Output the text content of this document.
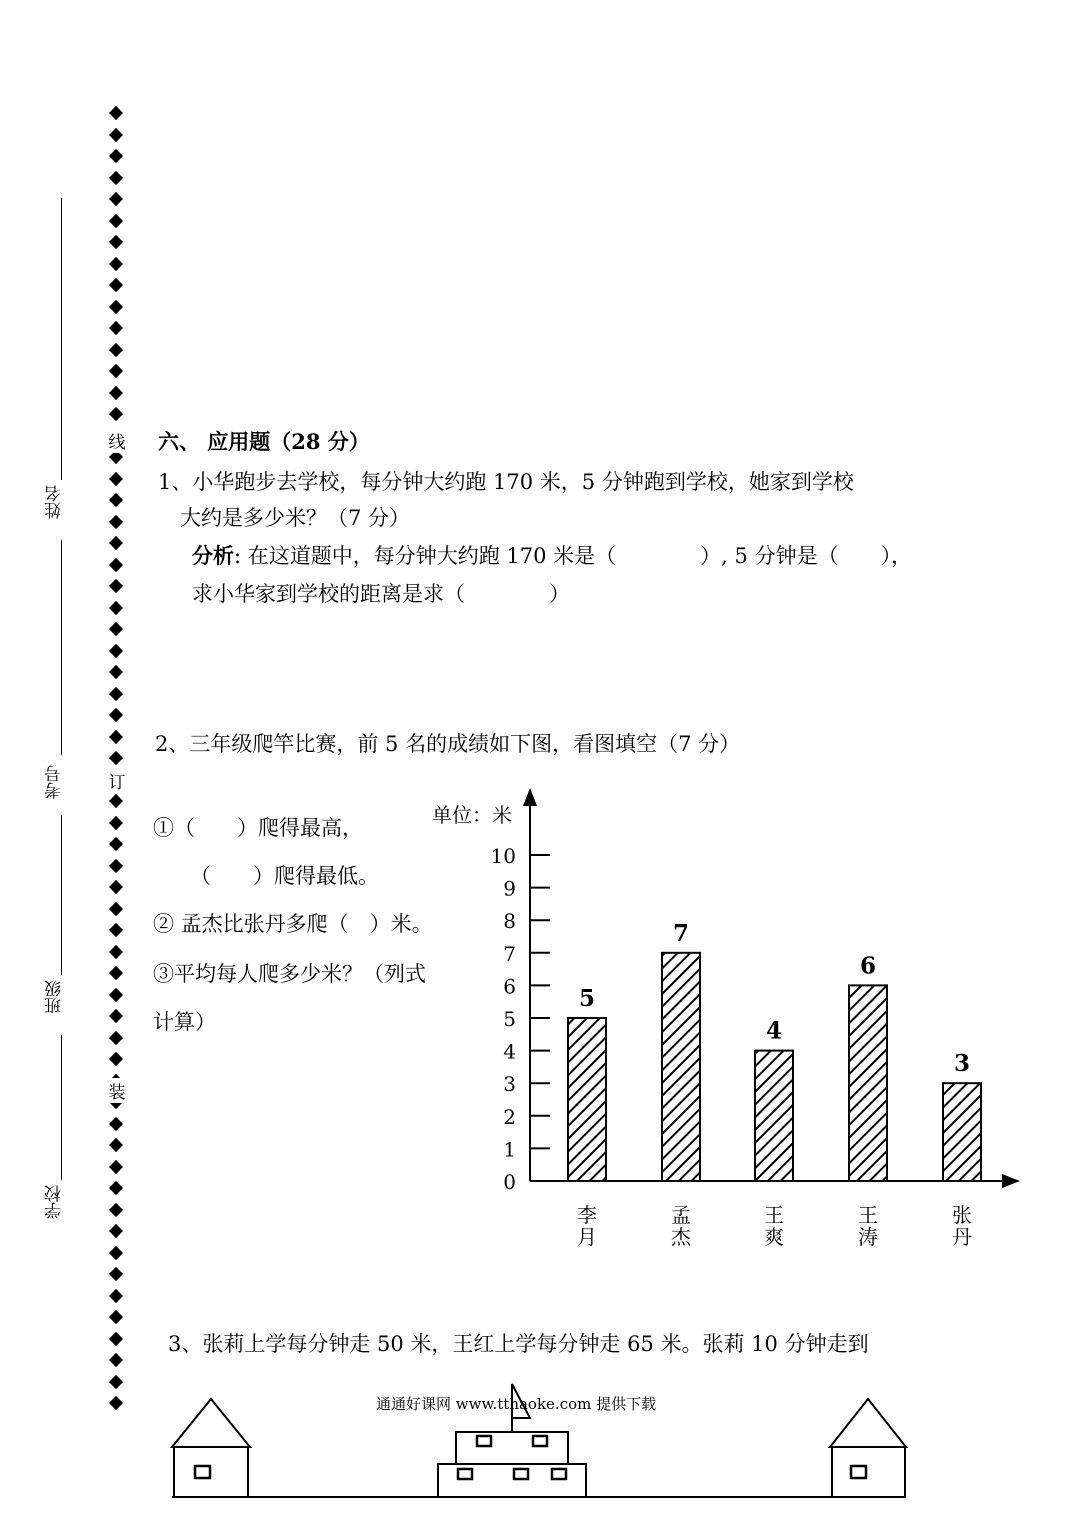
线
订
装
姓名
考号
班级
学校
六、 应用题（28 分）
1、小华跑步去学校，每分钟大约跑 170 米，5 分钟跑到学校，她家到学校
大约是多少米？（7 分）
分析: 在这道题中，每分钟大约跑 170 米是（　　　　）, 5 分钟是（　　），
求小华家到学校的距离是求（　　　　）
2、三年级爬竿比赛，前 5 名的成绩如下图，看图填空（7 分）
①（　　）爬得最高，
（　　）爬得最低。
② 孟杰比张丹多爬（　）米。
③平均每人爬多少米？（列式
计算）
单位：米
0
1
2
3
4
5
6
7
8
9
10
5
李
月
7
孟
杰
4
王
爽
6
王
涛
3
张
丹
3、张莉上学每分钟走 50 米，王红上学每分钟走 65 米。张莉 10 分钟走到
通通好课网 www.tthaoke.com 提供下载
